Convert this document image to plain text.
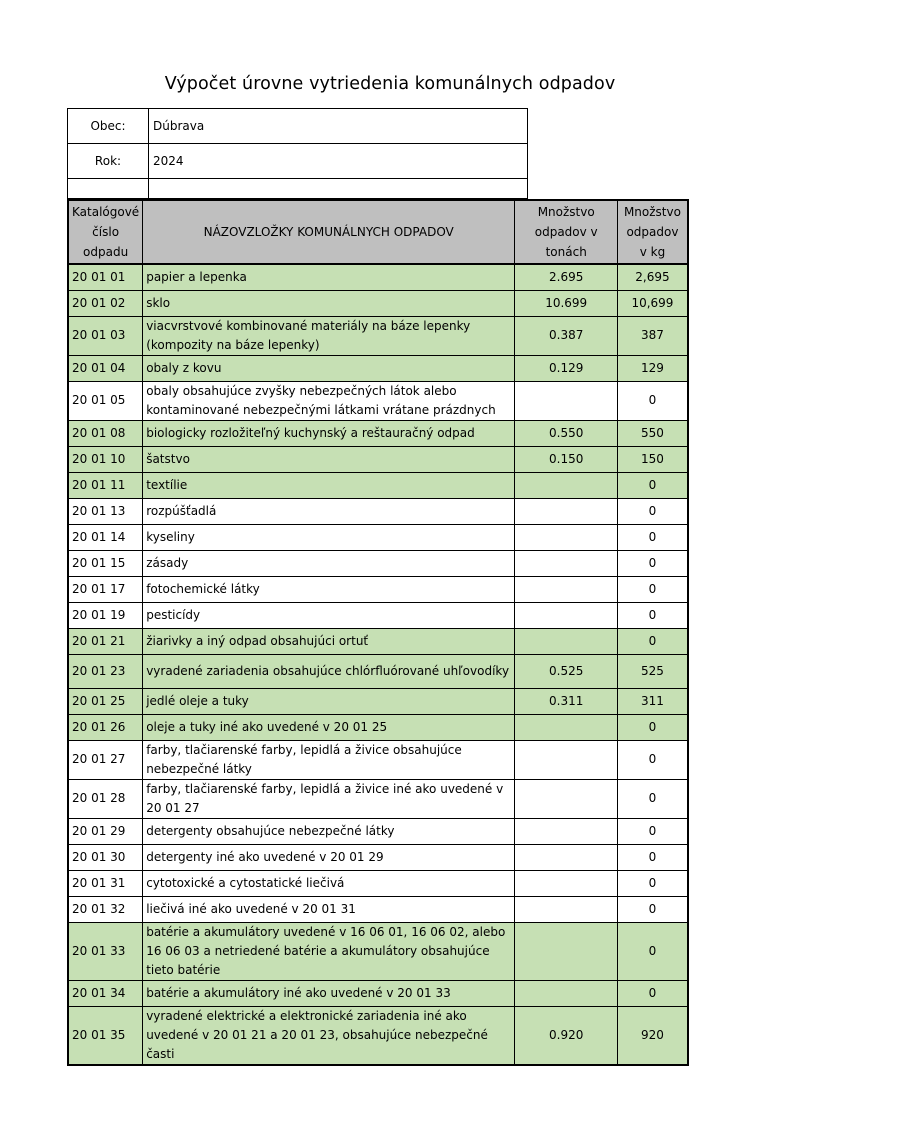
Výpočet úrovne vytriedenia komunálnych odpadov
Obec:	Dúbrava
Rok:	2024

Katalógové číslo odpadu	NÁZOVZLOŽKY KOMUNÁLNYCH ODPADOV	Množstvo odpadov v tonách	Množstvo odpadov v kg
20 01 01	papier a lepenka	2.695	2,695
20 01 02	sklo	10.699	10,699
20 01 03	viacvrstvové kombinované materiály na báze lepenky (kompozity na báze lepenky)	0.387	387
20 01 04	obaly z kovu	0.129	129
20 01 05	obaly obsahujúce zvyšky nebezpečných látok alebo kontaminované nebezpečnými látkami vrátane prázdnych		0
20 01 08	biologicky rozložiteľný kuchynský a reštauračný odpad	0.550	550
20 01 10	šatstvo	0.150	150
20 01 11	textílie		0
20 01 13	rozpúšťadlá		0
20 01 14	kyseliny		0
20 01 15	zásady		0
20 01 17	fotochemické látky		0
20 01 19	pesticídy		0
20 01 21	žiarivky a iný odpad obsahujúci ortuť		0
20 01 23	vyradené zariadenia obsahujúce chlórfluórované uhľovodíky	0.525	525
20 01 25	jedlé oleje a tuky	0.311	311
20 01 26	oleje a tuky iné ako uvedené v 20 01 25		0
20 01 27	farby, tlačiarenské farby, lepidlá a živice obsahujúce nebezpečné látky		0
20 01 28	farby, tlačiarenské farby, lepidlá a živice iné ako uvedené v 20 01 27		0
20 01 29	detergenty obsahujúce nebezpečné látky		0
20 01 30	detergenty iné ako uvedené v 20 01 29		0
20 01 31	cytotoxické a cytostatické liečivá		0
20 01 32	liečivá iné ako uvedené v 20 01 31		0
20 01 33	batérie a akumulátory uvedené v 16 06 01, 16 06 02, alebo 16 06 03 a netriedené batérie a akumulátory obsahujúce tieto batérie		0
20 01 34	batérie a akumulátory iné ako uvedené v 20 01 33		0
20 01 35	vyradené elektrické a elektronické zariadenia iné ako uvedené v 20 01 21 a 20 01 23, obsahujúce nebezpečné časti	0.920	920
